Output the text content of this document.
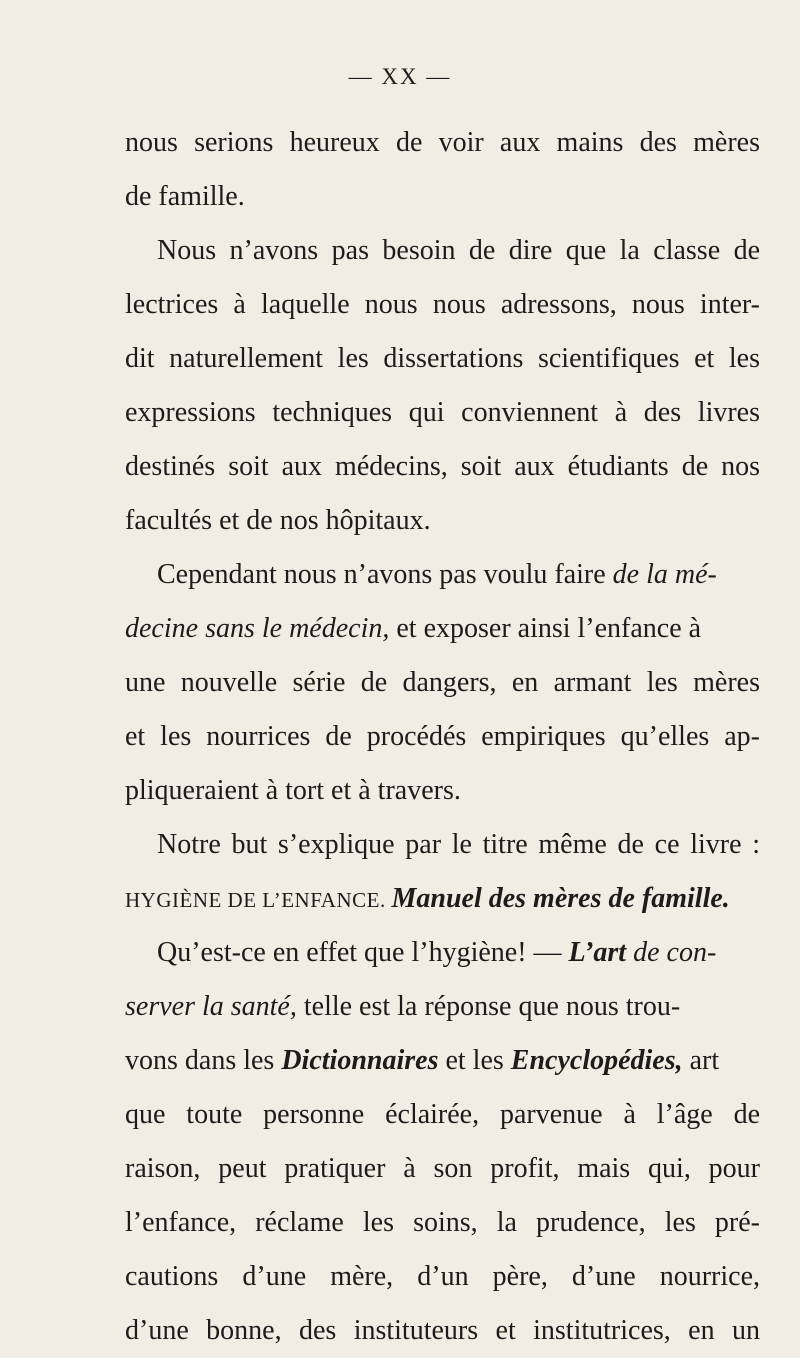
— XX —
nous serions heureux de voir aux mains des mères
de famille.
Nous n’avons pas besoin de dire que la classe de
lectrices à laquelle nous nous adressons, nous inter-
dit naturellement les dissertations scientifiques et les
expressions techniques qui conviennent à des livres
destinés soit aux médecins, soit aux étudiants de nos
facultés et de nos hôpitaux.
Cependant nous n’avons pas voulu faire de la mé-
decine sans le médecin, et exposer ainsi l’enfance à
une nouvelle série de dangers, en armant les mères
et les nourrices de procédés empiriques qu’elles ap-
pliqueraient à tort et à travers.
Notre but s’explique par le titre même de ce livre :
HYGIÈNE DE L’ENFANCE. Manuel des mères de famille.
Qu’est-ce en effet que l’hygiène! — L’art de con-
server la santé, telle est la réponse que nous trou-
vons dans les Dictionnaires et les Encyclopédies, art
que toute personne éclairée, parvenue à l’âge de
raison, peut pratiquer à son profit, mais qui, pour
l’enfance, réclame les soins, la prudence, les pré-
cautions d’une mère, d’un père, d’une nourrice,
d’une bonne, des instituteurs et institutrices, en un
